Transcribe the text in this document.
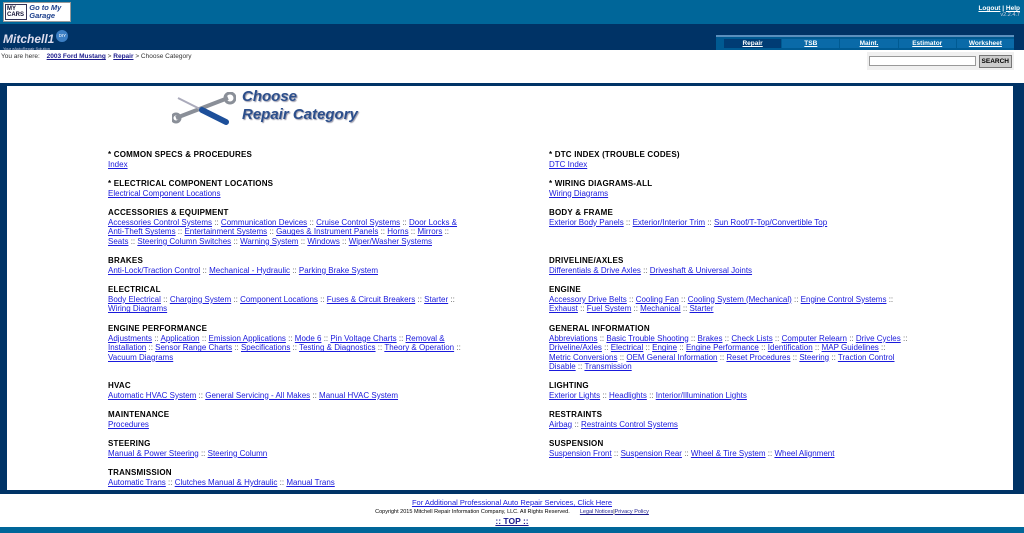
MY CARS
Go to My Garage
Logout | Help
v2.2.4.7
Mitchell1 DIY
Your eAutoRepair Solution
Repair	TSB	Maint.	Estimator	Worksheet
You are here: 2003 Ford Mustang > Repair > Choose Category
SEARCH
Choose
Repair Category
* COMMON SPECS & PROCEDURES
Index
* ELECTRICAL COMPONENT LOCATIONS
Electrical Component Locations
ACCESSORIES & EQUIPMENT
Accessories Control Systems :: Communication Devices :: Cruise Control Systems :: Door Locks & Anti-Theft Systems :: Entertainment Systems :: Gauges & Instrument Panels :: Horns :: Mirrors :: Seats :: Steering Column Switches :: Warning System :: Windows :: Wiper/Washer Systems
BRAKES
Anti-Lock/Traction Control :: Mechanical - Hydraulic :: Parking Brake System
ELECTRICAL
Body Electrical :: Charging System :: Component Locations :: Fuses & Circuit Breakers :: Starter :: Wiring Diagrams
ENGINE PERFORMANCE
Adjustments :: Application :: Emission Applications :: Mode 6 :: Pin Voltage Charts :: Removal & Installation :: Sensor Range Charts :: Specifications :: Testing & Diagnostics :: Theory & Operation :: Vacuum Diagrams
HVAC
Automatic HVAC System :: General Servicing - All Makes :: Manual HVAC System
MAINTENANCE
Procedures
STEERING
Manual & Power Steering :: Steering Column
TRANSMISSION
Automatic Trans :: Clutches Manual & Hydraulic :: Manual Trans
* DTC INDEX (TROUBLE CODES)
DTC Index
* WIRING DIAGRAMS-ALL
Wiring Diagrams
BODY & FRAME
Exterior Body Panels :: Exterior/Interior Trim :: Sun Roof/T-Top/Convertible Top
DRIVELINE/AXLES
Differentials & Drive Axles :: Driveshaft & Universal Joints
ENGINE
Accessory Drive Belts :: Cooling Fan :: Cooling System (Mechanical) :: Engine Control Systems :: Exhaust :: Fuel System :: Mechanical :: Starter
GENERAL INFORMATION
Abbreviations :: Basic Trouble Shooting :: Brakes :: Check Lists :: Computer Relearn :: Drive Cycles :: Driveline/Axles :: Electrical :: Engine :: Engine Performance :: Identification :: MAP Guidelines :: Metric Conversions :: OEM General Information :: Reset Procedures :: Steering :: Traction Control Disable :: Transmission
LIGHTING
Exterior Lights :: Headlights :: Interior/Illumination Lights
RESTRAINTS
Airbag :: Restraints Control Systems
SUSPENSION
Suspension Front :: Suspension Rear :: Wheel & Tire System :: Wheel Alignment
For Additional Professional Auto Repair Services, Click Here
Copyright 2015 Mitchell Repair Information Company, LLC. All Rights Reserved. Legal Notices|Privacy Policy
:: TOP ::
